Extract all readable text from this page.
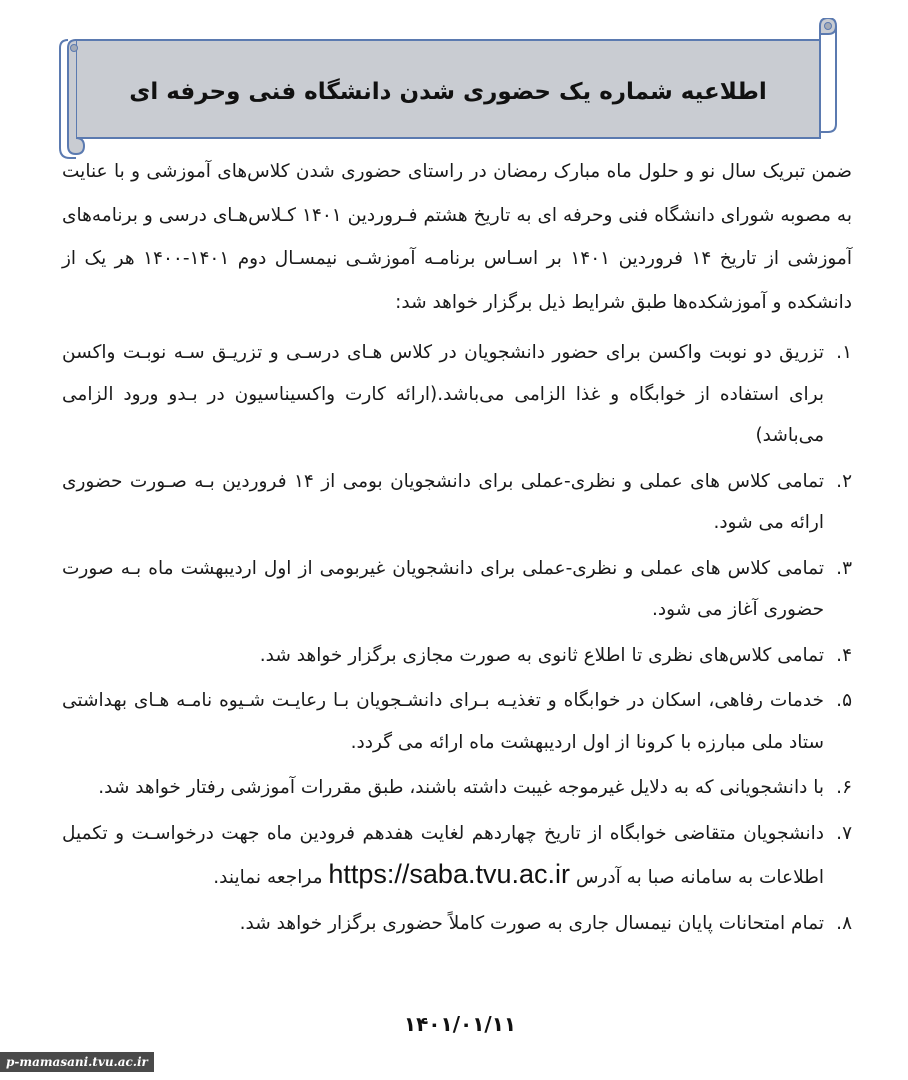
اطلاعیه شماره یک حضوری شدن دانشگاه فنی وحرفه ای
ضمن تبریک سال نو و حلول ماه مبارک رمضان در راستای حضوری شدن کلاس‌های آموزشی و با عنایت به مصوبه شورای دانشگاه فنی وحرفه ای به تاریخ هشتم فـروردین ۱۴۰۱ کـلاس‌هـای درسی و برنامه‌های آموزشی از تاریخ ۱۴ فروردین ۱۴۰۱ بر اسـاس برنامـه آموزشـی نیمسـال دوم ۱۴۰۱-۱۴۰۰ هر یک از دانشکده و آموزشکده‌ها طبق شرایط ذیل برگزار خواهد شد:
۱.
تزریق دو نوبت واکسن برای حضور دانشجویان در کلاس هـای درسـی و تزریـق سـه نوبـت واکسن برای استفاده از خوابگاه و غذا الزامی می‌باشد.(ارائه کارت واکسیناسیون در بـدو ورود الزامی می‌باشد)
۲.
تمامی کلاس های عملی و نظری-عملی برای دانشجویان بومی از ۱۴ فروردین بـه صـورت حضوری ارائه می شود.
۳.
تمامی کلاس های عملی و نظری-عملی برای دانشجویان غیربومی از اول اردیبهشت ماه بـه صورت حضوری آغاز می شود.
۴.
تمامی کلاس‌های نظری تا اطلاع ثانوی به صورت مجازی برگزار خواهد شد.
۵.
خدمات رفاهی، اسکان در خوابگاه و تغذیـه بـرای دانشـجویان بـا رعایـت شـیوه نامـه هـای بهداشتی ستاد ملی مبارزه با کرونا از اول اردیبهشت ماه ارائه می گردد.
۶.
با دانشجویانی که به دلایل غیرموجه غیبت داشته باشند، طبق مقررات آموزشی رفتار خواهد شد.
۷.
دانشجویان متقاضی خوابگاه از تاریخ چهاردهم لغایت هفدهم فرودین ماه جهت درخواسـت و تکمیل اطلاعات به سامانه صبا به آدرس https://saba.tvu.ac.ir مراجعه نمایند.
۸.
تمام امتحانات پایان نیمسال جاری به صورت کاملاً حضوری برگزار خواهد شد.
۱۴۰۱/۰۱/۱۱
p-mamasani.tvu.ac.ir
